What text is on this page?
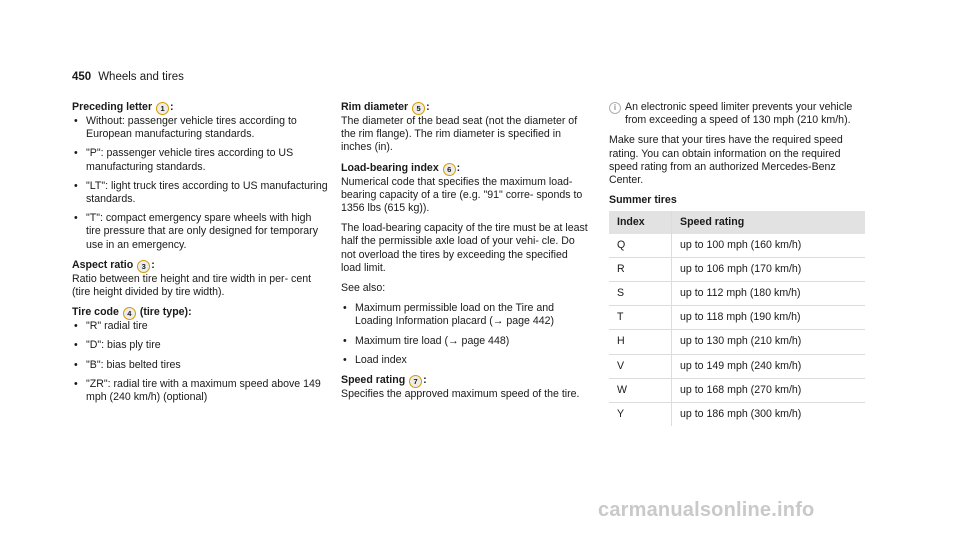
450 Wheels and tires
Preceding letter 1 :
• Without: passenger vehicle tires according to European manufacturing standards.
• "P": passenger vehicle tires according to US manufacturing standards.
• "LT": light truck tires according to US manufacturing standards.
• "T": compact emergency spare wheels with high tire pressure that are only designed for temporary use in an emergency.
Aspect ratio 3 :

Ratio between tire height and tire width in per- cent (tire height divided by tire width).

Tire code 4 (tire type):
• "R" radial tire
• "D": bias ply tire
• "B": bias belted tires
• "ZR": radial tire with a maximum speed above 149 mph (240 km/h) (optional)
Rim diameter 5 :

The diameter of the bead seat (not the diameter of the rim flange). The rim diameter is specified in inches (in).

Load-bearing index 6 :

Numerical code that specifies the maximum load-bearing capacity of a tire (e.g. "91" corre- sponds to 1356 lbs (615 kg)).

The load-bearing capacity of the tire must be at least half the permissible axle load of your vehi- cle. Do not overload the tires by exceeding the specified load limit.

See also:

• Maximum permissible load on the Tire and Loading Information placard (→ page 442)
• Maximum tire load (→ page 448)
• Load index
Speed rating 7 :

Specifies the approved maximum speed of the tire.

i An electronic speed limiter prevents your vehicle from exceeding a speed of 130 mph (210 km/h).

Make sure that your tires have the required speed rating. You can obtain information on the required speed rating from an authorized Mercedes-Benz Center.

Summer tires

Index	Speed rating
Q	up to 100 mph (160 km/h)
R	up to 106 mph (170 km/h)
S	up to 112 mph (180 km/h)
T	up to 118 mph (190 km/h)
H	up to 130 mph (210 km/h)
V	up to 149 mph (240 km/h)
W	up to 168 mph (270 km/h)
Y	up to 186 mph (300 km/h)
carmanualsonline.info
